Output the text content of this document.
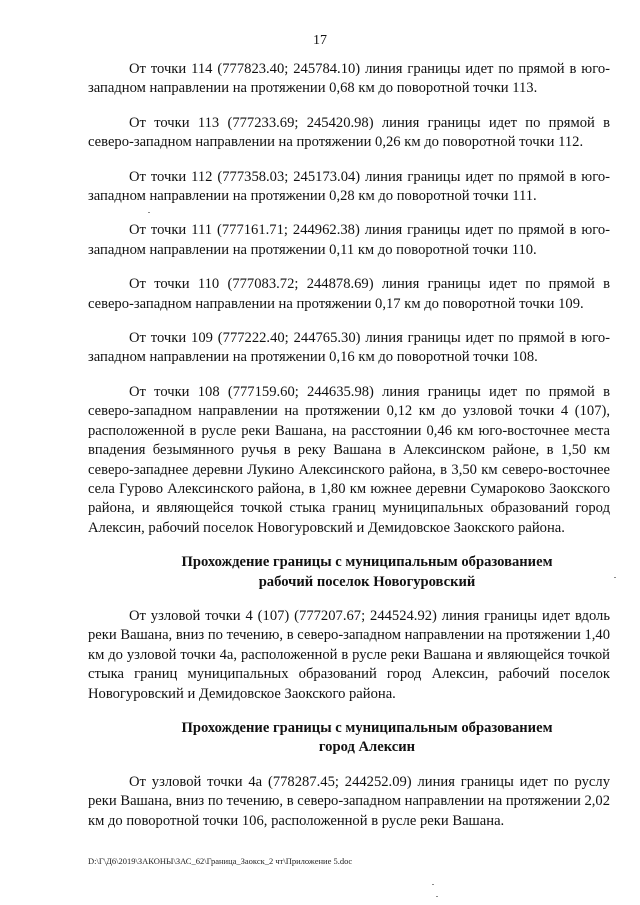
17

От точки 114 (777823.40; 245784.10) линия границы идет по прямой в юго-западном направлении на протяжении 0,68 км до поворотной точки 113.

От точки 113 (777233.69; 245420.98) линия границы идет по прямой в северо-западном направлении на протяжении 0,26 км до поворотной точки 112.

От точки 112 (777358.03; 245173.04) линия границы идет по прямой в юго-западном направлении на протяжении 0,28 км до поворотной точки 111.

От точки 111 (777161.71; 244962.38) линия границы идет по прямой в юго-западном направлении на протяжении 0,11 км до поворотной точки 110.

От точки 110 (777083.72; 244878.69) линия границы идет по прямой в северо-западном направлении на протяжении 0,17 км до поворотной точки 109.

От точки 109 (777222.40; 244765.30) линия границы идет по прямой в юго-западном направлении на протяжении 0,16 км до поворотной точки 108.

От точки 108 (777159.60; 244635.98) линия границы идет по прямой в северо-западном направлении на протяжении 0,12 км до узловой точки 4 (107), расположенной в русле реки Вашана, на расстоянии 0,46 км юго-восточнее места впадения безымянного ручья в реку Вашана в Алексинском районе, в 1,50 км северо-западнее деревни Лукино Алексинского района, в 3,50 км северо-восточнее села Гурово Алексинского района, в 1,80 км южнее деревни Сумароково Заокского района, и являющейся точкой стыка границ муниципальных образований город Алексин, рабочий поселок Новогуровский и Демидовское Заокского района.

Прохождение границы с муниципальным образованием
рабочий поселок Новогуровский

От узловой точки 4 (107) (777207.67; 244524.92) линия границы идет вдоль реки Вашана, вниз по течению, в северо-западном направлении на протяжении 1,40 км до узловой точки 4а, расположенной в русле реки Вашана и являющейся точкой стыка границ муниципальных образований город Алексин, рабочий поселок Новогуровский и Демидовское Заокского района.

Прохождение границы с муниципальным образованием
город Алексин

От узловой точки 4а (778287.45; 244252.09) линия границы идет по руслу реки Вашана, вниз по течению, в северо-западном направлении на протяжении 2,02 км до поворотной точки 106, расположенной в русле реки Вашана.

D:\Г\Д6\2019\ЗАКОНЫ\ЗАС_62\Граница_Заокск_2 чт\Приложение 5.doc
